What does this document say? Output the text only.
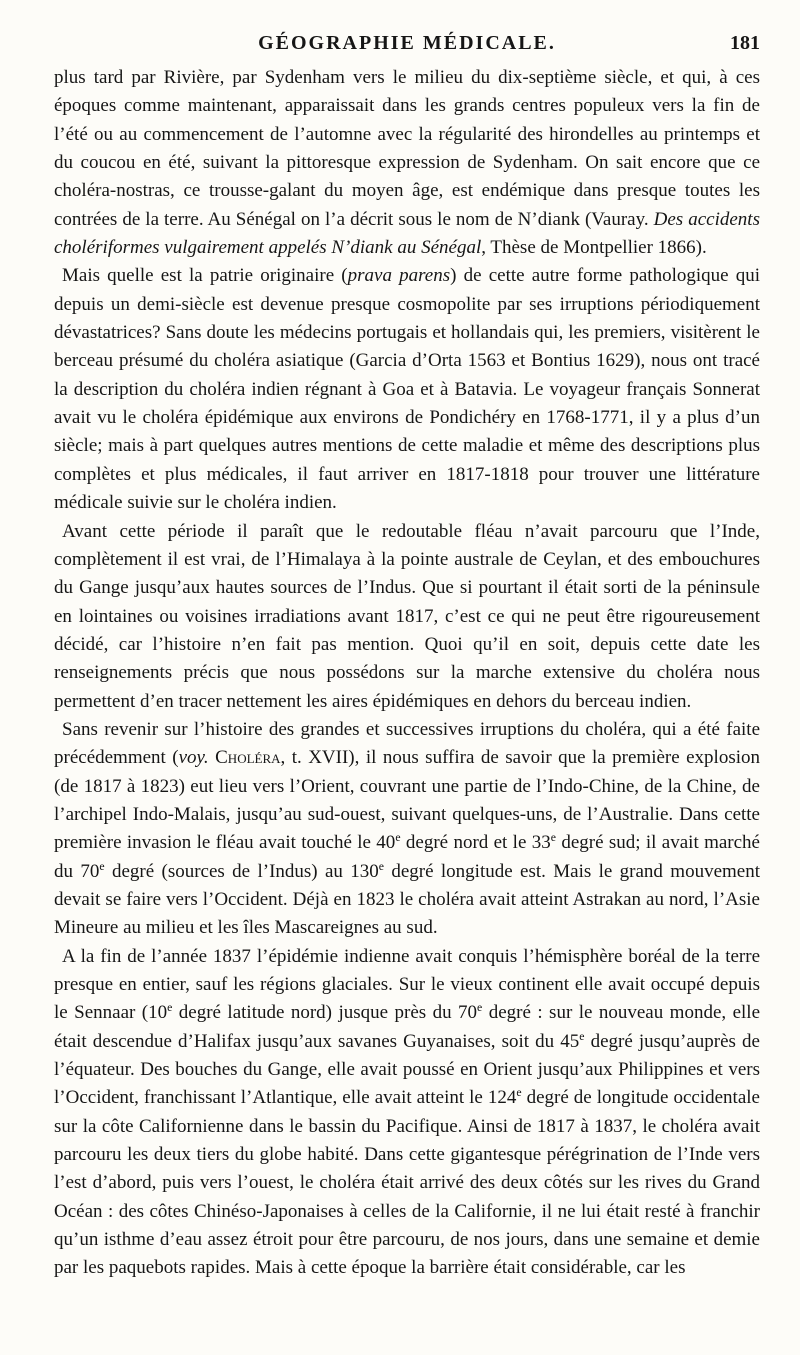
GÉOGRAPHIE MÉDICALE.	181

plus tard par Rivière, par Sydenham vers le milieu du dix-septième siècle, et qui, à ces époques comme maintenant, apparaissait dans les grands centres populeux vers la fin de l’été ou au commencement de l’automne avec la régularité des hirondelles au printemps et du coucou en été, suivant la pittoresque expression de Sydenham. On sait encore que ce choléra-nostras, ce trousse-galant du moyen âge, est endémique dans presque toutes les contrées de la terre. Au Sénégal on l’a décrit sous le nom de N’diank (Vauray. Des accidents cholériformes vulgairement appelés N’diank au Sénégal, Thèse de Montpellier 1866).

Mais quelle est la patrie originaire (prava parens) de cette autre forme pathologique qui depuis un demi-siècle est devenue presque cosmopolite par ses irruptions périodiquement dévastatrices? Sans doute les médecins portugais et hollandais qui, les premiers, visitèrent le berceau présumé du choléra asiatique (Garcia d’Orta 1563 et Bontius 1629), nous ont tracé la description du choléra indien régnant à Goa et à Batavia. Le voyageur français Sonnerat avait vu le choléra épidémique aux environs de Pondichéry en 1768-1771, il y a plus d’un siècle; mais à part quelques autres mentions de cette maladie et même des descriptions plus complètes et plus médicales, il faut arriver en 1817-1818 pour trouver une littérature médicale suivie sur le choléra indien.

Avant cette période il paraît que le redoutable fléau n’avait parcouru que l’Inde, complètement il est vrai, de l’Himalaya à la pointe australe de Ceylan, et des embouchures du Gange jusqu’aux hautes sources de l’Indus. Que si pourtant il était sorti de la péninsule en lointaines ou voisines irradiations avant 1817, c’est ce qui ne peut être rigoureusement décidé, car l’histoire n’en fait pas mention. Quoi qu’il en soit, depuis cette date les renseignements précis que nous possédons sur la marche extensive du choléra nous permettent d’en tracer nettement les aires épidémiques en dehors du berceau indien.

Sans revenir sur l’histoire des grandes et successives irruptions du choléra, qui a été faite précédemment (voy. Choléra, t. XVII), il nous suffira de savoir que la première explosion (de 1817 à 1823) eut lieu vers l’Orient, couvrant une partie de l’Indo-Chine, de la Chine, de l’archipel Indo-Malais, jusqu’au sud-ouest, suivant quelques-uns, de l’Australie. Dans cette première invasion le fléau avait touché le 40e degré nord et le 33e degré sud; il avait marché du 70e degré (sources de l’Indus) au 130e degré longitude est. Mais le grand mouvement devait se faire vers l’Occident. Déjà en 1823 le choléra avait atteint Astrakan au nord, l’Asie Mineure au milieu et les îles Mascareignes au sud.

A la fin de l’année 1837 l’épidémie indienne avait conquis l’hémisphère boréal de la terre presque en entier, sauf les régions glaciales. Sur le vieux continent elle avait occupé depuis le Sennaar (10e degré latitude nord) jusque près du 70e degré : sur le nouveau monde, elle était descendue d’Halifax jusqu’aux savanes Guyanaises, soit du 45e degré jusqu’auprès de l’équateur. Des bouches du Gange, elle avait poussé en Orient jusqu’aux Philippines et vers l’Occident, franchissant l’Atlantique, elle avait atteint le 124e degré de longitude occidentale sur la côte Californienne dans le bassin du Pacifique. Ainsi de 1817 à 1837, le choléra avait parcouru les deux tiers du globe habité. Dans cette gigantesque pérégrination de l’Inde vers l’est d’abord, puis vers l’ouest, le choléra était arrivé des deux côtés sur les rives du Grand Océan : des côtes Chinéso-Japonaises à celles de la Californie, il ne lui était resté à franchir qu’un isthme d’eau assez étroit pour être parcouru, de nos jours, dans une semaine et demie par les paquebots rapides. Mais à cette époque la barrière était considérable, car les
